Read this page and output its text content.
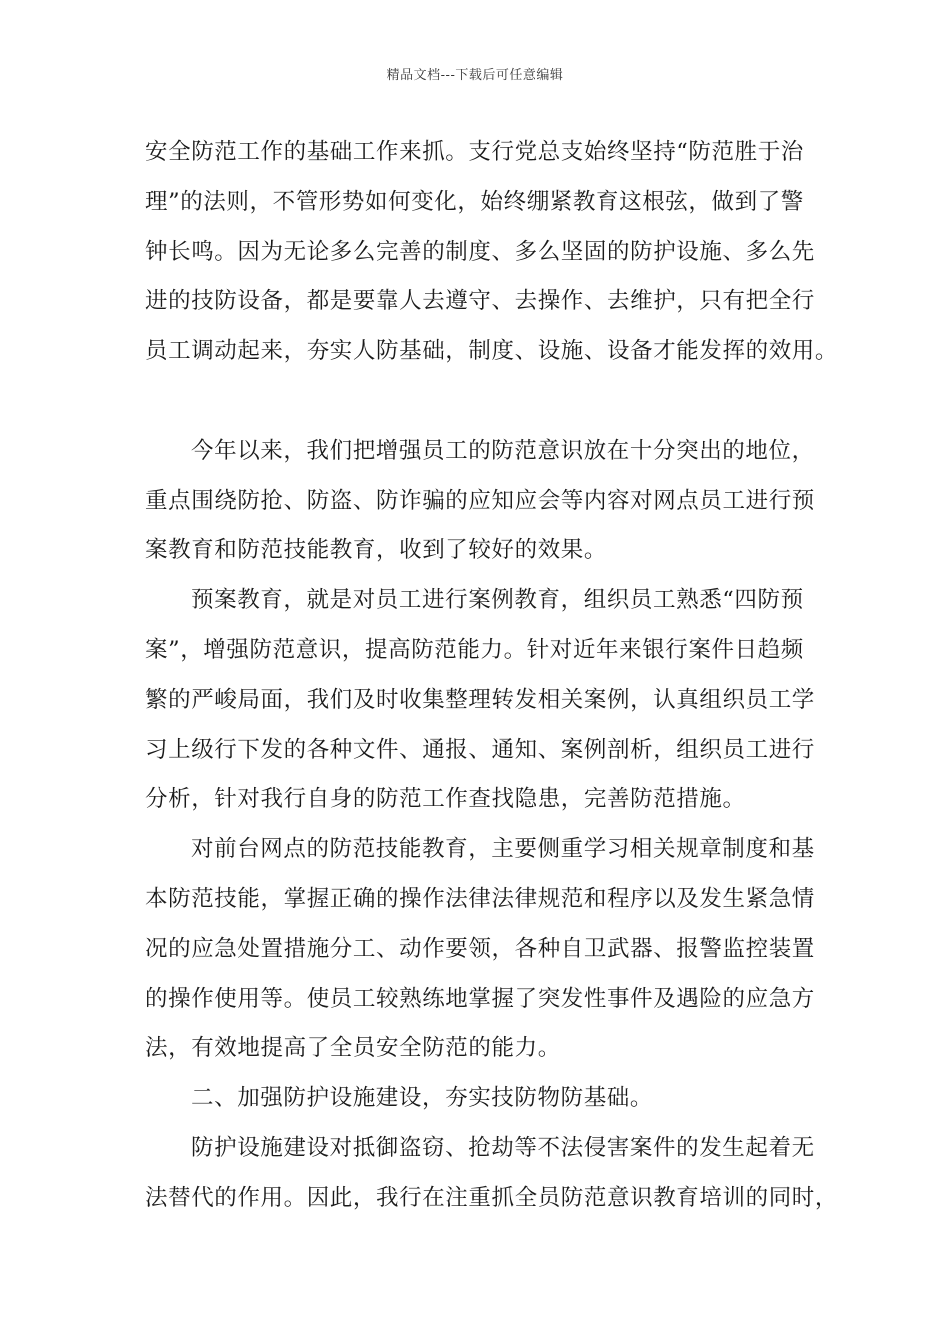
精品文档---下载后可任意编辑
安全防范工作的基础工作来抓。支行党总支始终坚持“防范胜于治
理”的法则，不管形势如何变化，始终绷紧教育这根弦，做到了警
钟长鸣。因为无论多么完善的制度、多么坚固的防护设施、多么先
进的技防设备，都是要靠人去遵守、去操作、去维护，只有把全行
员工调动起来，夯实人防基础，制度、设施、设备才能发挥的效用。
今年以来，我们把增强员工的防范意识放在十分突出的地位，
重点围绕防抢、防盗、防诈骗的应知应会等内容对网点员工进行预
案教育和防范技能教育，收到了较好的效果。
预案教育，就是对员工进行案例教育，组织员工熟悉“四防预
案”，增强防范意识，提高防范能力。针对近年来银行案件日趋频
繁的严峻局面，我们及时收集整理转发相关案例，认真组织员工学
习上级行下发的各种文件、通报、通知、案例剖析，组织员工进行
分析，针对我行自身的防范工作查找隐患，完善防范措施。
对前台网点的防范技能教育，主要侧重学习相关规章制度和基
本防范技能，掌握正确的操作法律法律规范和程序以及发生紧急情
况的应急处置措施分工、动作要领，各种自卫武器、报警监控装置
的操作使用等。使员工较熟练地掌握了突发性事件及遇险的应急方
法，有效地提高了全员安全防范的能力。
二、加强防护设施建设，夯实技防物防基础。
防护设施建设对抵御盗窃、抢劫等不法侵害案件的发生起着无
法替代的作用。因此，我行在注重抓全员防范意识教育培训的同时，
